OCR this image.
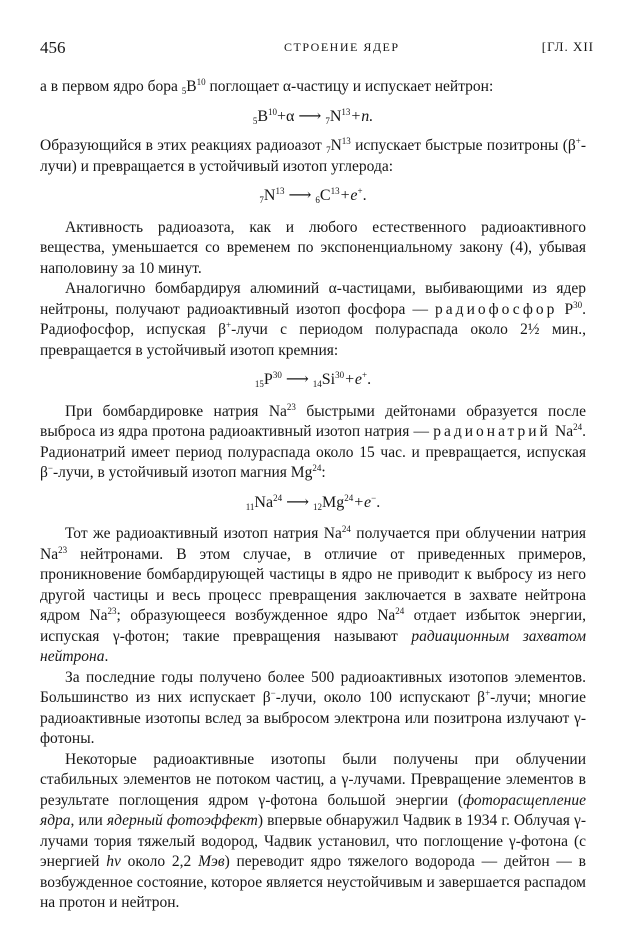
456	СТРОЕНИЕ ЯДЕР	[ГЛ. XII

а в первом ядро бора $5B^{10}$ поглощает α-частицу и испускает нейтрон:

$5B^{10}+\alpha$ ⟶ $7N^{13}+n$.

Образующийся в этих реакциях радиоазот $7N^{13}$ испускает быстрые позитроны (β+-лучи) и превращается в устойчивый изотоп углерода:

$7N^{13}$ ⟶ $6C^{13}+e^+$.

Активность радиоазота, как и любого естественного радиоактивного вещества, уменьшается со временем по экспоненциальному закону (4), убывая наполовину за 10 минут.

Аналогично бомбардируя алюминий α-частицами, выбивающими из ядер нейтроны, получают радиоактивный изотоп фосфора — радиофосфор $P^{30}$. Радиофосфор, испуская β+-лучи с периодом полураспада около 2½ мин., превращается в устойчивый изотоп кремния:

$15P^{30}$ ⟶ $14Si^{30}+e^+$.

При бомбардировке натрия Na$^{23}$ быстрыми дейтонами образуется после выброса из ядра протона радиоактивный изотоп натрия — радионатрий Na$^{24}$. Радионатрий имеет период полураспада около 15 час. и превращается, испуская β−-лучи, в устойчивый изотоп магния Mg$^{24}$:

11Na$^{24}$ ⟶ $12Mg^{24}+e^-$.

Тот же радиоактивный изотоп натрия Na$^{24}$ получается при облучении натрия Na$^{23}$ нейтронами. В этом случае, в отличие от приведенных примеров, проникновение бомбардирующей частицы в ядро не приводит к выбросу из него другой частицы и весь процесс превращения заключается в захвате нейтрона ядром Na$^{23}$; образующееся возбужденное ядро Na$^{24}$ отдает избыток энергии, испуская γ-фотон; такие превращения называют радиационным захватом нейтрона.

За последние годы получено более 500 радиоактивных изотопов элементов. Большинство из них испускает β−-лучи, около 100 испускают β+-лучи; многие радиоактивные изотопы вслед за выбросом электрона или позитрона излучают γ-фотоны.

Некоторые радиоактивные изотопы были получены при облучении стабильных элементов не потоком частиц, а γ-лучами. Превращение элементов в результате поглощения ядром γ-фотона большой энергии (фоторасщепление ядра, или ядерный фотоэффект) впервые обнаружил Чадвик в 1934 г. Облучая γ-лучами тория тяжелый водород, Чадвик установил, что поглощение γ-фотона (с энергией hν около 2,2 Мэв) переводит ядро тяжелого водорода — дейтон — в возбужденное состояние, которое является неустойчивым и завершается распадом на протон и нейтрон.
